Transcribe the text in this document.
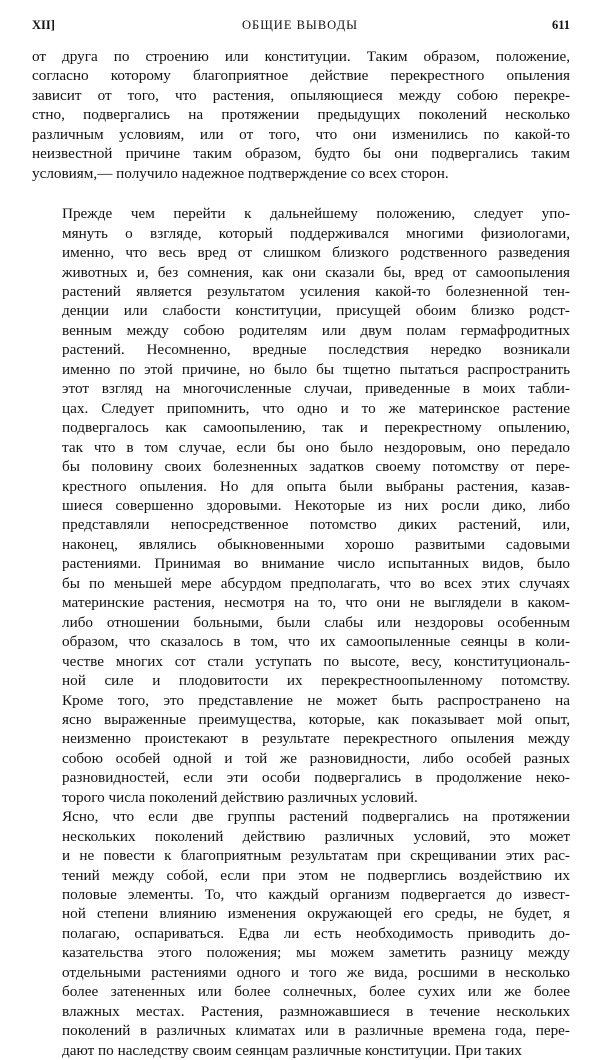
XII]	ОБЩИЕ ВЫВОДЫ	611

от друга по строению или конституции. Таким образом, положение,
согласно которому благоприятное действие перекрестного опыления
зависит от того, что растения, опыляющиеся между собою перекре-
стно, подвергались на протяжении предыдущих поколений несколько
различным условиям, или от того, что они изменились по какой-то
неизвестной причине таким образом, будто бы они подвергались таким
условиям,— получило надежное подтверждение со всех сторон.

Прежде чем перейти к дальнейшему положению, следует упо-
мянуть о взгляде, который поддерживался многими физиологами,
именно, что весь вред от слишком близкого родственного разведения
животных и, без сомнения, как они сказали бы, вред от самоопыления
растений является результатом усиления какой-то болезненной тен-
денции или слабости конституции, присущей обоим близко родст-
венным между собою родителям или двум полам гермафродитных
растений. Несомненно, вредные последствия нередко возникали
именно по этой причине, но было бы тщетно пытаться распространить
этот взгляд на многочисленные случаи, приведенные в моих табли-
цах. Следует припомнить, что одно и то же материнское растение
подвергалось как самоопылению, так и перекрестному опылению,
так что в том случае, если бы оно было нездоровым, оно передало
бы половину своих болезненных задатков своему потомству от пере-
крестного опыления. Но для опыта были выбраны растения, казав-
шиеся совершенно здоровыми. Некоторые из них росли дико, либо
представляли непосредственное потомство диких растений, или,
наконец, являлись обыкновенными хорошо развитыми садовыми
растениями. Принимая во внимание число испытанных видов, было
бы по меньшей мере абсурдом предполагать, что во всех этих случаях
материнские растения, несмотря на то, что они не выглядели в каком-
либо отношении больными, были слабы или нездоровы особенным
образом, что сказалось в том, что их самоопыленные сеянцы в коли-
честве многих сот стали уступать по высоте, весу, конституциональ-
ной силе и плодовитости их перекрестноопыленному потомству.
Кроме того, это представление не может быть распространено на
ясно выраженные преимущества, которые, как показывает мой опыт,
неизменно проистекают в результате перекрестного опыления между
собою особей одной и той же разновидности, либо особей разных
разновидностей, если эти особи подвергались в продолжение неко-
торого числа поколений действию различных условий.

Ясно, что если две группы растений подвергались на протяжении
нескольких поколений действию различных условий, это может
и не повести к благоприятным результатам при скрещивании этих рас-
тений между собой, если при этом не подверглись воздействию их
половые элементы. То, что каждый организм подвергается до извест-
ной степени влиянию изменения окружающей его среды, не будет, я
полагаю, оспариваться. Едва ли есть необходимость приводить до-
казательства этого положения; мы можем заметить разницу между
отдельными растениями одного и того же вида, росшими в несколько
более затененных или более солнечных, более сухих или же более
влажных местах. Растения, размножавшиеся в течение нескольких
поколений в различных климатах или в различные времена года, пере-
дают по наследству своим сеянцам различные конституции. При таких
